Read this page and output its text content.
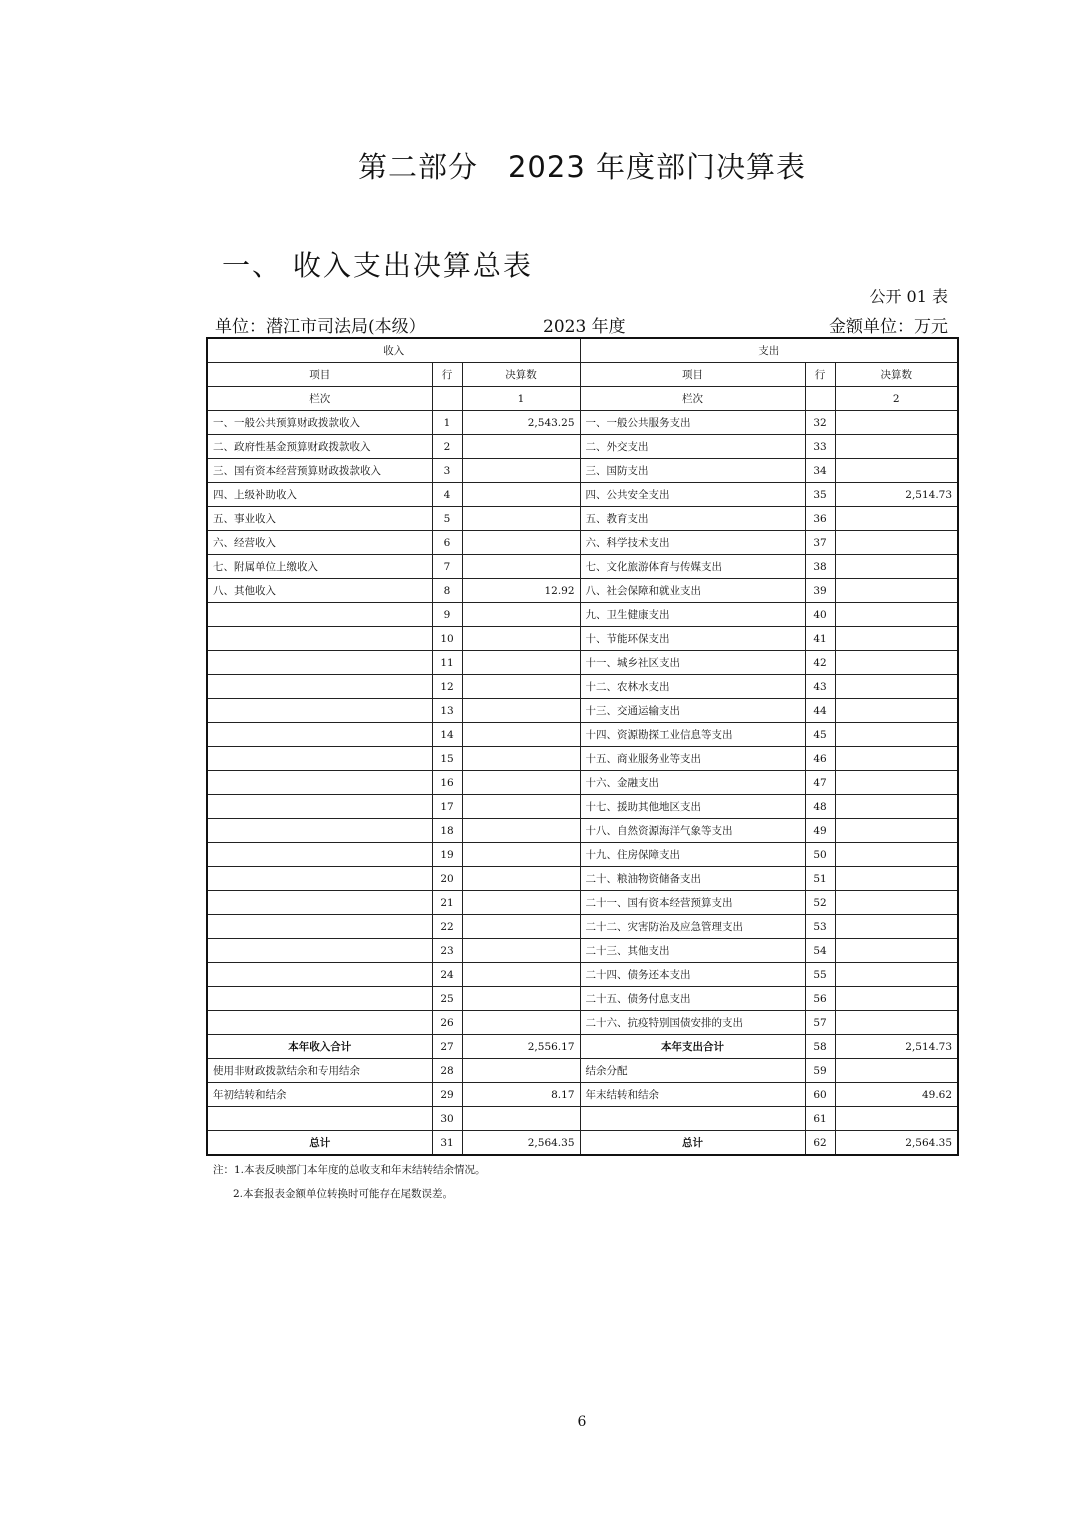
第二部分　2023 年度部门决算表
一、 收入支出决算总表
公开 01 表
单位：潜江市司法局(本级）	2023 年度	金额单位：万元
收入			支出		
项目	行	决算数	项目	行	决算数
栏次		1	栏次		2
一、一般公共预算财政拨款收入	1	2,543.25	一、一般公共服务支出	32	
二、政府性基金预算财政拨款收入	2		二、外交支出	33	
三、国有资本经营预算财政拨款收入	3		三、国防支出	34	
四、上级补助收入	4		四、公共安全支出	35	2,514.73
五、事业收入	5		五、教育支出	36	
六、经营收入	6		六、科学技术支出	37	
七、附属单位上缴收入	7		七、文化旅游体育与传媒支出	38	
八、其他收入	8	12.92	八、社会保障和就业支出	39	
	9		九、卫生健康支出	40	
	10		十、节能环保支出	41	
	11		十一、城乡社区支出	42	
	12		十二、农林水支出	43	
	13		十三、交通运输支出	44	
	14		十四、资源勘探工业信息等支出	45	
	15		十五、商业服务业等支出	46	
	16		十六、金融支出	47	
	17		十七、援助其他地区支出	48	
	18		十八、自然资源海洋气象等支出	49	
	19		十九、住房保障支出	50	
	20		二十、粮油物资储备支出	51	
	21		二十一、国有资本经营预算支出	52	
	22		二十二、灾害防治及应急管理支出	53	
	23		二十三、其他支出	54	
	24		二十四、债务还本支出	55	
	25		二十五、债务付息支出	56	
	26		二十六、抗疫特别国债安排的支出	57	
本年收入合计	27	2,556.17	本年支出合计	58	2,514.73
使用非财政拨款结余和专用结余	28		结余分配	59	
年初结转和结余	29	8.17	年末结转和结余	60	49.62
	30			61	
总计	31	2,564.35	总计	62	2,564.35
注：1.本表反映部门本年度的总收支和年末结转结余情况。
2.本套报表金额单位转换时可能存在尾数误差。
6
